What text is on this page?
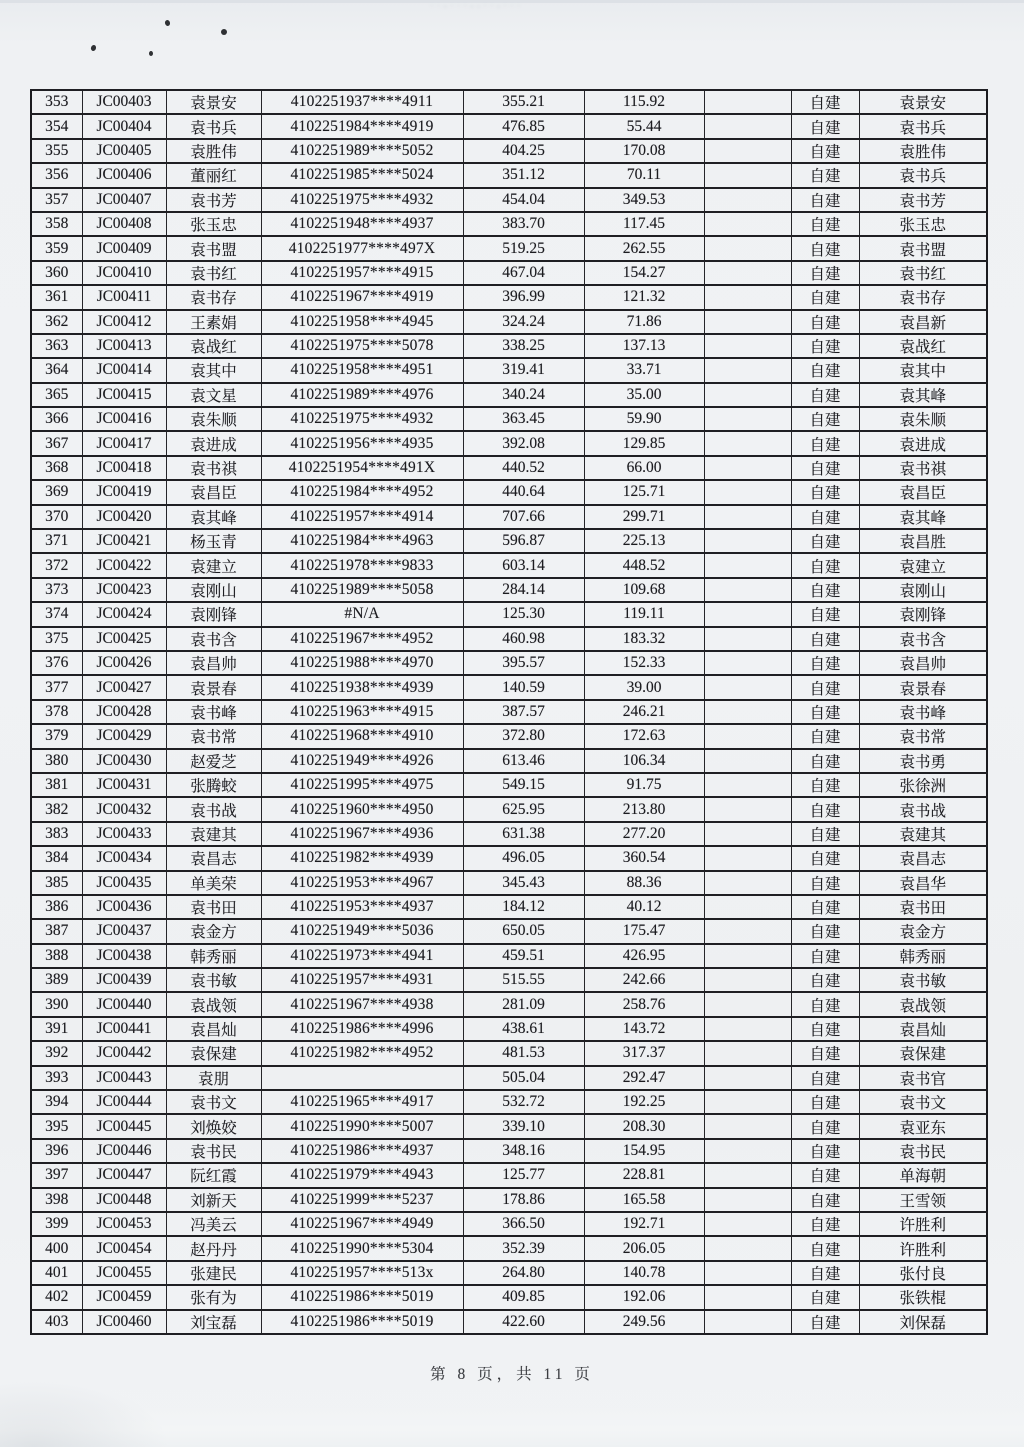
··-···--··-···
353	JC00403	袁景安	4102251937****4911	355.21	115.92		自建	袁景安
354	JC00404	袁书兵	4102251984****4919	476.85	55.44		自建	袁书兵
355	JC00405	袁胜伟	4102251989****5052	404.25	170.08		自建	袁胜伟
356	JC00406	董丽红	4102251985****5024	351.12	70.11		自建	袁书兵
357	JC00407	袁书芳	4102251975****4932	454.04	349.53		自建	袁书芳
358	JC00408	张玉忠	4102251948****4937	383.70	117.45		自建	张玉忠
359	JC00409	袁书盟	4102251977****497X	519.25	262.55		自建	袁书盟
360	JC00410	袁书红	4102251957****4915	467.04	154.27		自建	袁书红
361	JC00411	袁书存	4102251967****4919	396.99	121.32		自建	袁书存
362	JC00412	王素娟	4102251958****4945	324.24	71.86		自建	袁昌新
363	JC00413	袁战红	4102251975****5078	338.25	137.13		自建	袁战红
364	JC00414	袁其中	4102251958****4951	319.41	33.71		自建	袁其中
365	JC00415	袁文星	4102251989****4976	340.24	35.00		自建	袁其峰
366	JC00416	袁朱顺	4102251975****4932	363.45	59.90		自建	袁朱顺
367	JC00417	袁进成	4102251956****4935	392.08	129.85		自建	袁进成
368	JC00418	袁书祺	4102251954****491X	440.52	66.00		自建	袁书祺
369	JC00419	袁昌臣	4102251984****4952	440.64	125.71		自建	袁昌臣
370	JC00420	袁其峰	4102251957****4914	707.66	299.71		自建	袁其峰
371	JC00421	杨玉青	4102251984****4963	596.87	225.13		自建	袁昌胜
372	JC00422	袁建立	4102251978****9833	603.14	448.52		自建	袁建立
373	JC00423	袁刚山	4102251989****5058	284.14	109.68		自建	袁刚山
374	JC00424	袁刚锋	#N/A	125.30	119.11		自建	袁刚锋
375	JC00425	袁书含	4102251967****4952	460.98	183.32		自建	袁书含
376	JC00426	袁昌帅	4102251988****4970	395.57	152.33		自建	袁昌帅
377	JC00427	袁景春	4102251938****4939	140.59	39.00		自建	袁景春
378	JC00428	袁书峰	4102251963****4915	387.57	246.21		自建	袁书峰
379	JC00429	袁书常	4102251968****4910	372.80	172.63		自建	袁书常
380	JC00430	赵爱芝	4102251949****4926	613.46	106.34		自建	袁书勇
381	JC00431	张腾蛟	4102251995****4975	549.15	91.75		自建	张徐洲
382	JC00432	袁书战	4102251960****4950	625.95	213.80		自建	袁书战
383	JC00433	袁建其	4102251967****4936	631.38	277.20		自建	袁建其
384	JC00434	袁昌志	4102251982****4939	496.05	360.54		自建	袁昌志
385	JC00435	单美荣	4102251953****4967	345.43	88.36		自建	袁昌华
386	JC00436	袁书田	4102251953****4937	184.12	40.12		自建	袁书田
387	JC00437	袁金方	4102251949****5036	650.05	175.47		自建	袁金方
388	JC00438	韩秀丽	4102251973****4941	459.51	426.95		自建	韩秀丽
389	JC00439	袁书敏	4102251957****4931	515.55	242.66		自建	袁书敏
390	JC00440	袁战领	4102251967****4938	281.09	258.76		自建	袁战领
391	JC00441	袁昌灿	4102251986****4996	438.61	143.72		自建	袁昌灿
392	JC00442	袁保建	4102251982****4952	481.53	317.37		自建	袁保建
393	JC00443	袁朋		505.04	292.47		自建	袁书官
394	JC00444	袁书文	4102251965****4917	532.72	192.25		自建	袁书文
395	JC00445	刘焕姣	4102251990****5007	339.10	208.30		自建	袁亚东
396	JC00446	袁书民	4102251986****4937	348.16	154.95		自建	袁书民
397	JC00447	阮红霞	4102251979****4943	125.77	228.81		自建	单海朝
398	JC00448	刘新天	4102251999****5237	178.86	165.58		自建	王雪领
399	JC00453	冯美云	4102251967****4949	366.50	192.71		自建	许胜利
400	JC00454	赵丹丹	4102251990****5304	352.39	206.05		自建	许胜利
401	JC00455	张建民	4102251957****513x	264.80	140.78		自建	张付良
402	JC00459	张有为	4102251986****5019	409.85	192.06		自建	张铁棍
403	JC00460	刘宝磊	4102251986****5019	422.60	249.56		自建	刘保磊
第 8 页，共 11 页
